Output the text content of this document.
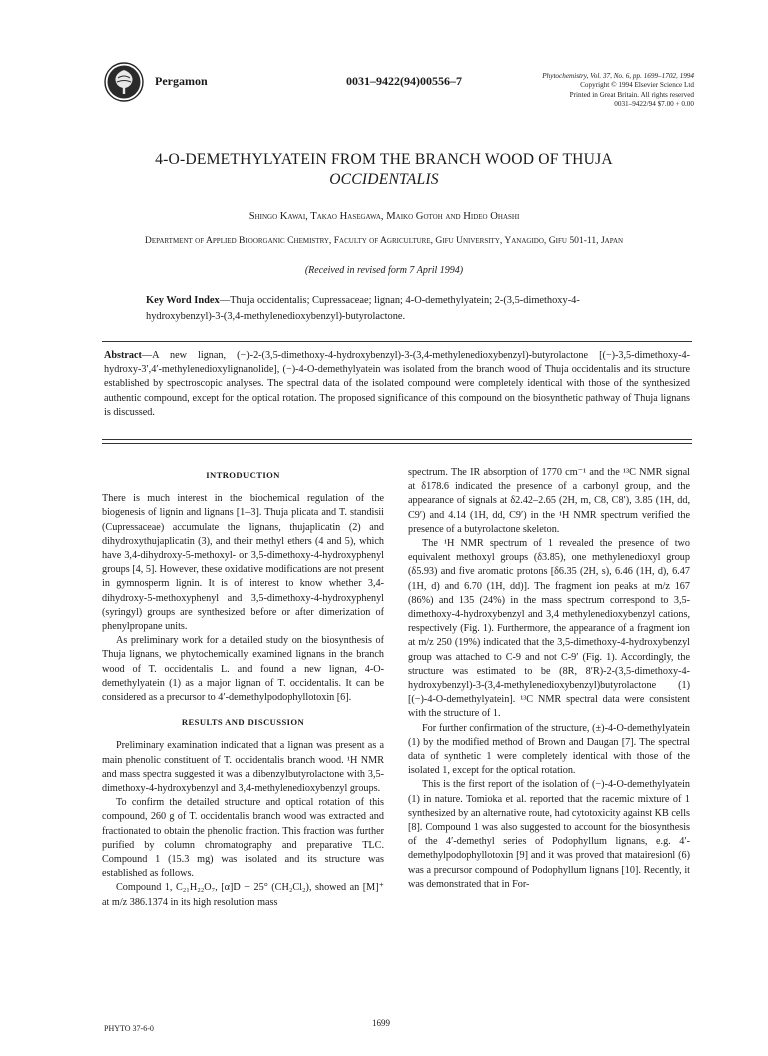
Pergamon	0031–9422(94)00556–7	Phytochemistry, Vol. 37, No. 6, pp. 1699–1702, 1994
Copyright © 1994 Elsevier Science Ltd
Printed in Great Britain. All rights reserved
0031–9422/94 $7.00 + 0.00
4-O-DEMETHYLYATEIN FROM THE BRANCH WOOD OF THUJA
OCCIDENTALIS
Shingo Kawai, Takao Hasegawa, Maiko Gotoh and Hideo Ohashi
Department of Applied Bioorganic Chemistry, Faculty of Agriculture, Gifu University, Yanagido, Gifu 501-11, Japan
(Received in revised form 7 April 1994)
Key Word Index—Thuja occidentalis; Cupressaceae; lignan; 4-O-demethylyatein; 2-(3,5-dimethoxy-4-hydroxybenzyl)-3-(3,4-methylenedioxybenzyl)-butyrolactone.
Abstract—A new lignan, (−)-2-(3,5-dimethoxy-4-hydroxybenzyl)-3-(3,4-methylenedioxybenzyl)-butyrolactone [(−)-3,5-dimethoxy-4-hydroxy-3′,4′-methylenedioxylignanolide], (−)-4-O-demethylyatein was isolated from the branch wood of Thuja occidentalis and its structure established by spectroscopic analyses. The spectral data of the isolated compound were completely identical with those of the synthesized authentic compound, except for the optical rotation. The proposed significance of this compound on the biosynthetic pathway of Thuja lignans is discussed.
INTRODUCTION

There is much interest in the biochemical regulation of the biogenesis of lignin and lignans [1–3]. Thuja plicata and T. standisii (Cupressaceae) accumulate the lignans, thujaplicatin (2) and dihydroxythujaplicatin (3), and their methyl ethers (4 and 5), which have 3,4-dihydroxy-5-methoxyl- or 3,5-dimethoxy-4-hydroxyphenyl groups [4, 5]. However, these oxidative modifications are not present in gymnosperm lignin. It is of interest to know whether 3,4-dihydroxy-5-methoxyphenyl and 3,5-dimethoxy-4-hydroxyphenyl (syringyl) groups are synthesized before or after dimerization of phenylpropane units.

As preliminary work for a detailed study on the biosynthesis of Thuja lignans, we phytochemically examined lignans in the branch wood of T. occidentalis L. and found a new lignan, 4-O-demethylyatein (1) as a major lignan of T. occidentalis. It can be considered as a precursor to 4′-demethylpodophyllotoxin [6].

RESULTS AND DISCUSSION

Preliminary examination indicated that a lignan was present as a main phenolic constituent of T. occidentalis branch wood. ¹H NMR and mass spectra suggested it was a dibenzylbutyrolactone with 3,5-dimethoxy-4-hydroxybenzyl and 3,4-methylenedioxybenzyl groups.

To confirm the detailed structure and optical rotation of this compound, 260 g of T. occidentalis branch wood was extracted and fractionated to obtain the phenolic fraction. This fraction was further purified by column chromatography and preparative TLC. Compound 1 (15.3 mg) was isolated and its structure was established as follows.

Compound 1, C₂₁H₂₂O₇, [α]D − 25° (CH₂Cl₂), showed an [M]⁺ at m/z 386.1374 in its high resolution mass

spectrum. The IR absorption of 1770 cm⁻¹ and the ¹³C NMR signal at δ178.6 indicated the presence of a carbonyl group, and the appearance of signals at δ2.42–2.65 (2H, m, C8, C8′), 3.85 (1H, dd, C9′) and 4.14 (1H, dd, C9′) in the ¹H NMR spectrum verified the presence of a butyrolactone skeleton.

The ¹H NMR spectrum of 1 revealed the presence of two equivalent methoxyl groups (δ3.85), one methylenedioxyl group (δ5.93) and five aromatic protons [δ6.35 (2H, s), 6.46 (1H, d), 6.47 (1H, d) and 6.70 (1H, dd)]. The fragment ion peaks at m/z 167 (86%) and 135 (24%) in the mass spectrum correspond to 3,5-dimethoxy-4-hydroxybenzyl and 3,4 methylenedioxybenzyl cations, respectively (Fig. 1). Furthermore, the appearance of a fragment ion at m/z 250 (19%) indicated that the 3,5-dimethoxy-4-hydroxybenzyl group was attached to C-9 and not C-9′ (Fig. 1). Accordingly, the structure was estimated to be (8R, 8′R)-2-(3,5-dimethoxy-4-hydroxybenzyl)-3-(3,4-methylenedioxybenzyl)butyrolactone (1) [(−)-4-O-demethylyatein]. ¹³C NMR spectral data were consistent with the structure of 1.

For further confirmation of the structure, (±)-4-O-demethylyatein (1) by the modified method of Brown and Daugan [7]. The spectral data of synthetic 1 were completely identical with those of the isolated 1, except for the optical rotation.

This is the first report of the isolation of (−)-4-O-demethylyatein (1) in nature. Tomioka et al. reported that the racemic mixture of 1 synthesized by an alternative route, had cytotoxicity against KB cells [8]. Compound 1 was also suggested to account for the biosynthesis of the 4′-demethyl series of Podophyllum lignans, e.g. 4′-demethylpodophyllotoxin [9] and it was proved that matairesionl (6) was a precursor compound of Podophyllum lignans [10]. Recently, it was demonstrated that in For-

PHYTO 37-6-0
1699
